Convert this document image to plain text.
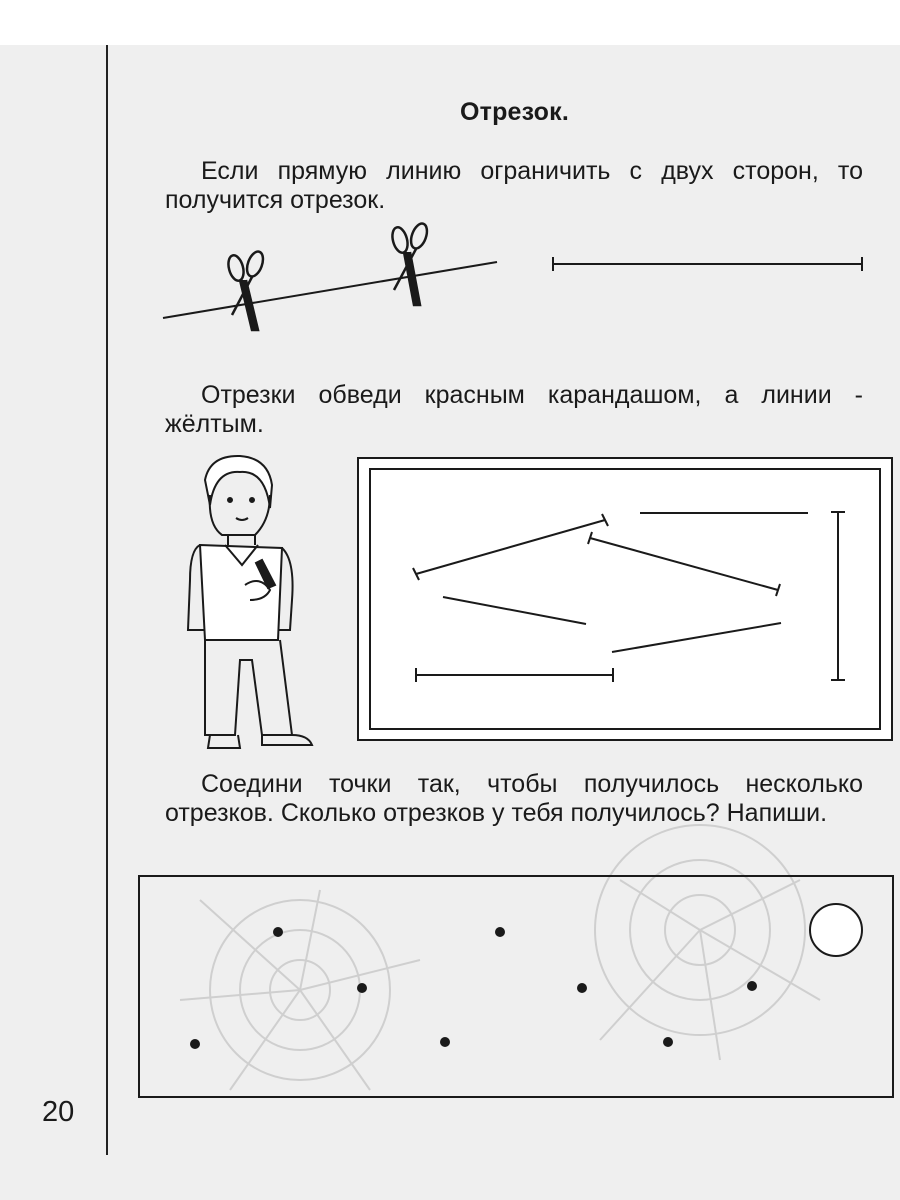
Отрезок.
Если прямую линию ограничить с двух сторон, то получится отрезок.
Отрезки обведи красным карандашом, а линии - жёлтым.
Соедини точки так, чтобы получилось несколько отрезков. Сколько отрезков у тебя получилось? Напиши.
20
